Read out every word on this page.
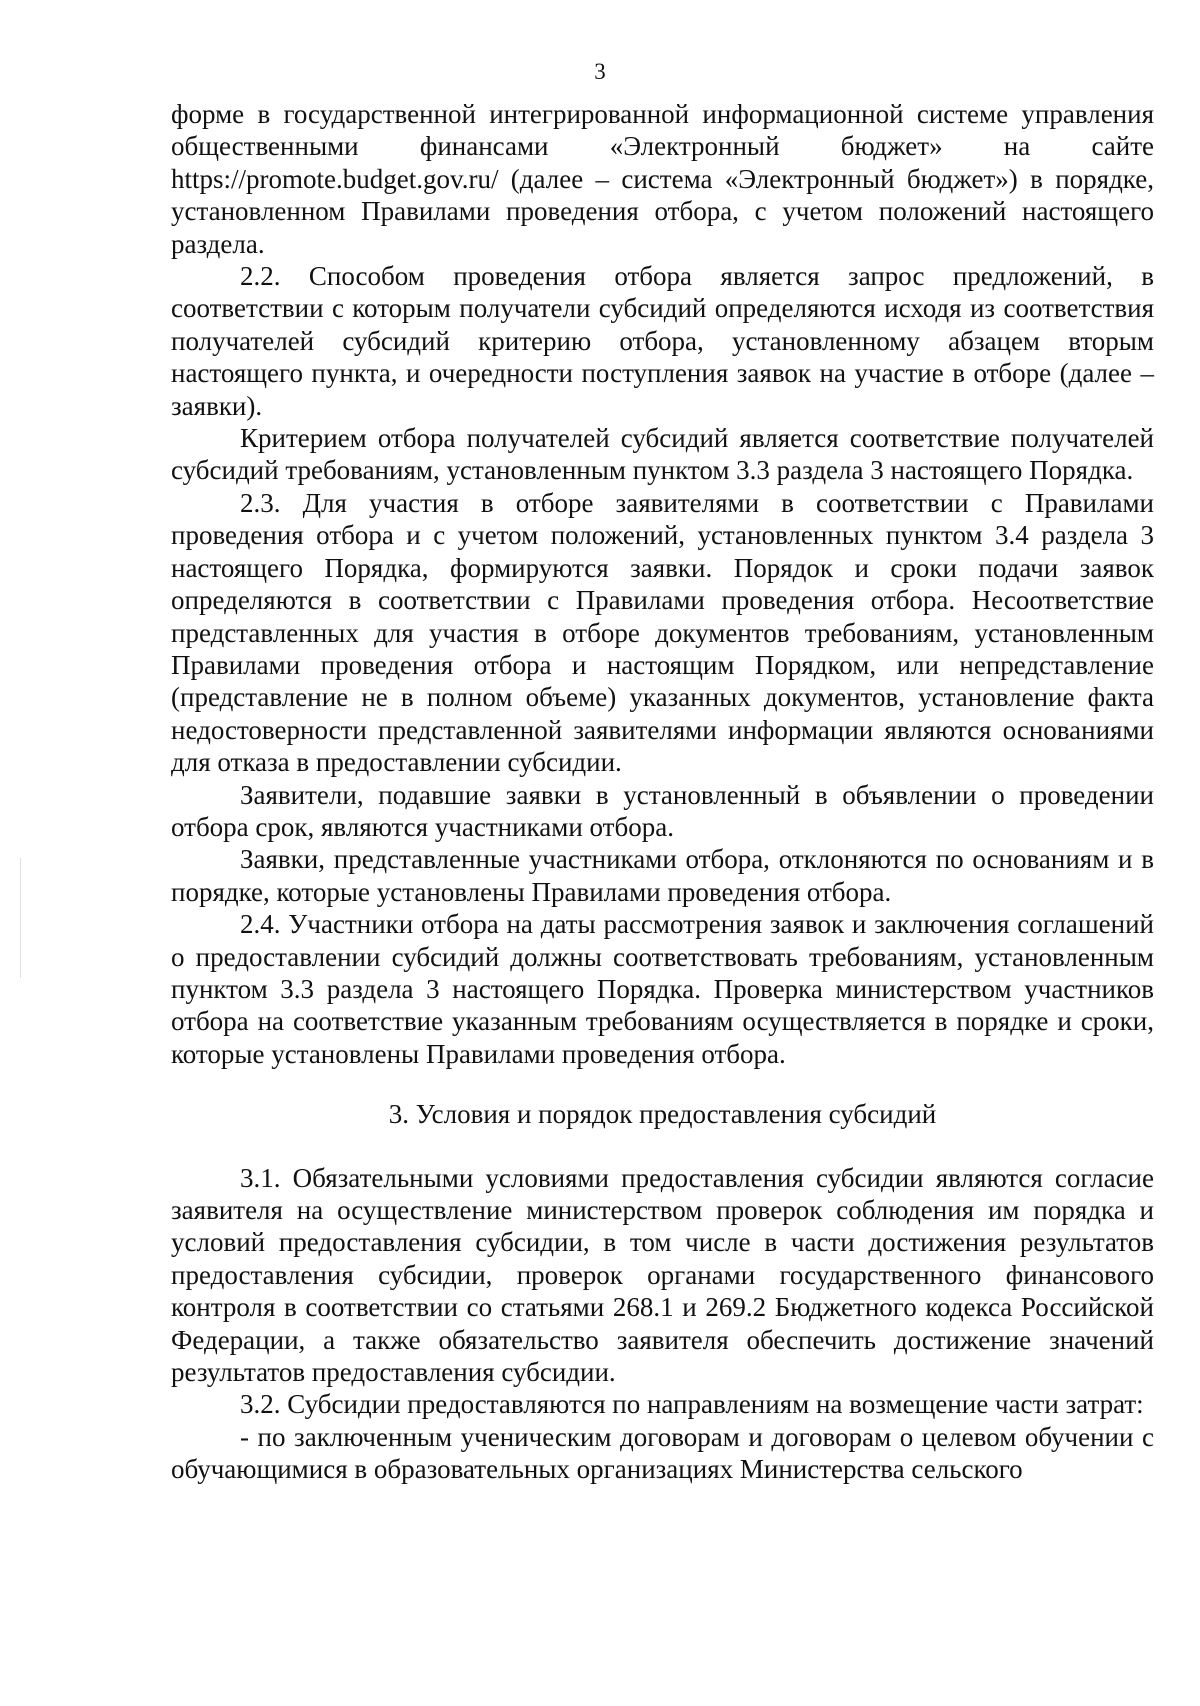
3

форме в государственной интегрированной информационной системе управления общественными финансами «Электронный бюджет» на сайте https://promote.budget.gov.ru/ (далее – система «Электронный бюджет») в порядке, установленном Правилами проведения отбора, с учетом положений настоящего раздела.

2.2. Способом проведения отбора является запрос предложений, в соответствии с которым получатели субсидий определяются исходя из соответствия получателей субсидий критерию отбора, установленному абзацем вторым настоящего пункта, и очередности поступления заявок на участие в отборе (далее – заявки).

Критерием отбора получателей субсидий является соответствие получателей субсидий требованиям, установленным пунктом 3.3 раздела 3 настоящего Порядка.

2.3. Для участия в отборе заявителями в соответствии с Правилами проведения отбора и с учетом положений, установленных пунктом 3.4 раздела 3 настоящего Порядка, формируются заявки. Порядок и сроки подачи заявок определяются в соответствии с Правилами проведения отбора. Несоответствие представленных для участия в отборе документов требованиям, установленным Правилами проведения отбора и настоящим Порядком, или непредставление (представление не в полном объеме) указанных документов, установление факта недостоверности представленной заявителями информации являются основаниями для отказа в предоставлении субсидии.

Заявители, подавшие заявки в установленный в объявлении о проведении отбора срок, являются участниками отбора.

Заявки, представленные участниками отбора, отклоняются по основаниям и в порядке, которые установлены Правилами проведения отбора.

2.4. Участники отбора на даты рассмотрения заявок и заключения соглашений о предоставлении субсидий должны соответствовать требованиям, установленным пунктом 3.3 раздела 3 настоящего Порядка. Проверка министерством участников отбора на соответствие указанным требованиям осуществляется в порядке и сроки, которые установлены Правилами проведения отбора.

3. Условия и порядок предоставления субсидий

3.1. Обязательными условиями предоставления субсидии являются согласие заявителя на осуществление министерством проверок соблюдения им порядка и условий предоставления субсидии, в том числе в части достижения результатов предоставления субсидии, проверок органами государственного финансового контроля в соответствии со статьями 268.1 и 269.2 Бюджетного кодекса Российской Федерации, а также обязательство заявителя обеспечить достижение значений результатов предоставления субсидии.

3.2. Субсидии предоставляются по направлениям на возмещение части затрат:

- по заключенным ученическим договорам и договорам о целевом обучении с обучающимися в образовательных организациях Министерства сельского
